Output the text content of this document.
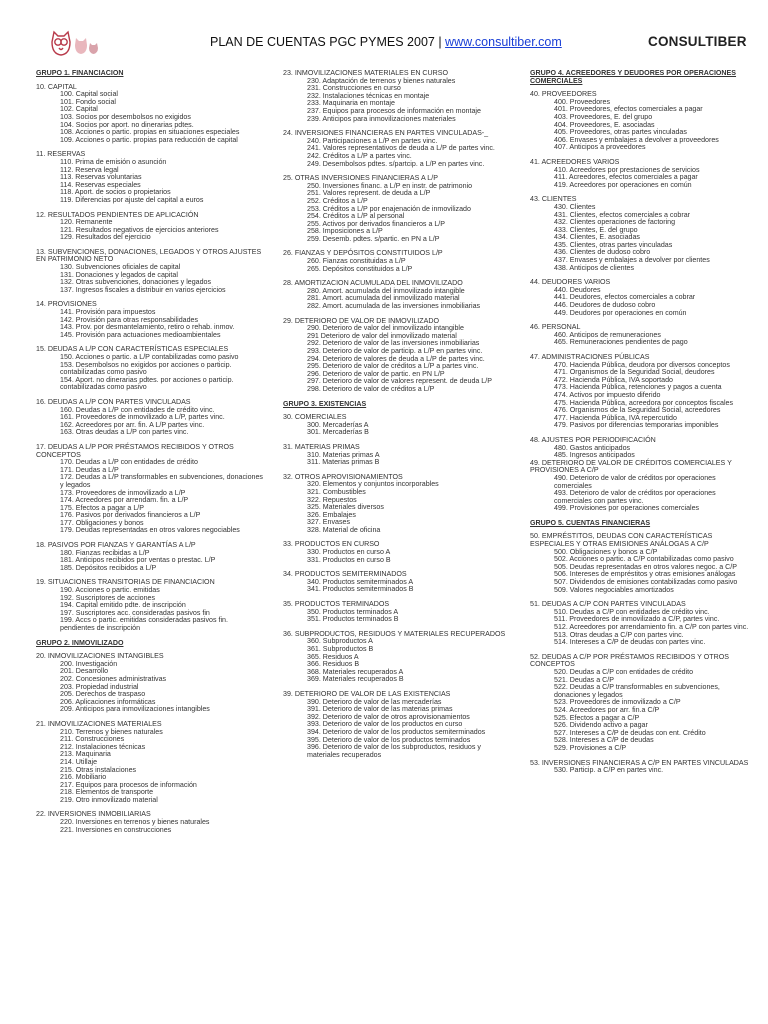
PLAN DE CUENTAS PGC PYMES 2007 | www.consultiber.com	CONSULTIBER
GRUPO 1. FINANCIACION
10. CAPITAL
100. Capital social
101. Fondo social
102. Capital
103. Socios por desembolsos no exigidos
104. Socios por aport. no dinerarias pdtes.
108. Acciones o partic. propias en situaciones especiales
109. Acciones o partic. propias para reducción de capital
11. RESERVAS
110. Prima de emisión o asunción
112. Reserva legal
113. Reservas voluntarias
114. Reservas especiales
118. Aport. de socios o propietarios
119. Diferencias por ajuste del capital a euros
12. RESULTADOS PENDIENTES DE APLICACIÓN
120. Remanente
121. Resultados negativos de ejercicios anteriores
129. Resultados del ejercicio
13. SUBVENCIONES, DONACIONES, LEGADOS Y OTROS AJUSTES EN PATRIMONIO NETO
130. Subvenciones oficiales de capital
131. Donaciones y legados de capital
132. Otras subvenciones, donaciones y legados
137. Ingresos fiscales a distribuir en varios ejercicios
14. PROVISIONES
141. Provisión para impuestos
142. Provisión para otras responsabilidades
143. Prov. por desmantelamiento, retiro o rehab. inmov.
145. Provisión para actuaciones medioambientales
15. DEUDAS A L/P CON CARACTERÍSTICAS ESPECIALES
150. Acciones o partic. a L/P contabilizadas como pasivo
153. Desembolsos no exigidos por acciones o particip. contabilizadas como pasivo
154. Aport. no dinerarias pdtes. por acciones o particip. contabilizadas como pasivo
16. DEUDAS A L/P CON PARTES VINCULADAS
160. Deudas a L/P con entidades de crédito vinc.
161. Proveedores de inmovilizado a L/P, partes vinc.
162. Acreedores por arr. fin. A L/P partes vinc.
163. Otras deudas a L/P con partes vinc.
17. DEUDAS A L/P POR PRÉSTAMOS RECIBIDOS Y OTROS CONCEPTOS
170. Deudas a L/P con entidades de crédito
171. Deudas a L/P
172. Deudas a L/P transformables en subvenciones, donaciones y legados
173. Proveedores de inmovilizado a L/P
174. Acreedores por arrendam. fin. a L/P
175. Efectos a pagar a L/P
176. Pasivos por derivados financieros a L/P
177. Obligaciones y bonos
179. Deudas representadas en otros valores negociables
18. PASIVOS POR FIANZAS Y GARANTÍAS A L/P
180. Fianzas recibidas a L/P
181. Anticipos recibidos por ventas o prestac. L/P
185. Depósitos recibidos a L/P
19. SITUACIONES TRANSITORIAS DE FINANCIACION
190. Acciones o partic. emitidas
192. Suscriptores de acciones
194. Capital emitido pdte. de inscripción
197. Suscriptores acc. consideradas pasivos fin
199. Accs o partic. emitidas consideradas pasivos fin. pendientes de inscripción
GRUPO 2. INMOVILIZADO
20. INMOVILIZACIONES INTANGIBLES
200. Investigación
201. Desarrollo
202. Concesiones administrativas
203. Propiedad industrial
205. Derechos de traspaso
206. Aplicaciones informáticas
209. Anticipos para inmovilizaciones intangibles
21. INMOVILIZACIONES MATERIALES
210. Terrenos y bienes naturales
211. Construcciones
212. Instalaciones técnicas
213. Maquinaria
214. Utillaje
215. Otras instalaciones
216. Mobiliario
217. Equipos para procesos de información
218. Elementos de transporte
219. Otro inmovilizado material
22. INVERSIONES INMOBILIARIAS
220. Inversiones en terrenos y bienes naturales
221. Inversiones en construcciones
23. INMOVILIZACIONES MATERIALES EN CURSO
230. Adaptación de terrenos y bienes naturales
231. Construcciones en curso
232. Instalaciones técnicas en montaje
233. Maquinaria en montaje
237. Equipos para procesos de información en montaje
239. Anticipos para inmovilizaciones materiales
24. INVERSIONES FINANCIERAS EN PARTES VINCULADAS-_
240. Participaciones a L/P en partes vinc.
241. Valores representativos de deuda a L/P de partes vinc.
242. Créditos a L/P a partes vinc.
249. Desembolsos pdtes. s/partcip. a L/P en partes vinc.
25. OTRAS INVERSIONES FINANCIERAS A L/P
250. Inversiones financ. a L/P en instr. de patrimonio
251. Valores represent. de deuda a L/P
252. Créditos a L/P
253. Créditos a L/P por enajenación de inmovilizado
254. Créditos a L/P al personal
255. Activos por derivados financieros a L/P
258. Imposiciones a L/P
259. Desemb. pdtes. s/partic. en PN a L/P
26. FIANZAS Y DEPÓSITOS CONSTITUIDOS L/P
260. Fianzas constituidas a L/P
265. Depósitos constituidos a L/P
28. AMORTIZACION ACUMULADA DEL INMOVILIZADO
280. Amort. acumulada del inmovilizado intangible
281. Amort. acumulada del inmovilizado material
282. Amort. acumulada de las inversiones inmobiliarias
29. DETERIORO DE VALOR DE INMOVILIZADO
290. Deterioro de valor del inmovilizado intangible
291 Deterioro de valor del inmovilizado material
292. Deterioro de valor de las inversiones inmobiliarias
293. Deterioro de valor de particip. a L/P en partes vinc.
294. Deterioro de valores de deuda a L/P de partes vinc.
295. Deterioro de valor de créditos a L/P a partes vinc.
296. Deterioro de valor de partic. en PN L/P
297. Deterioro de valor de valores represent. de deuda L/P
298. Deterioro de valor de créditos a L/P
GRUPO 3. EXISTENCIAS
30. COMERCIALES
300. Mercaderías A
301. Mercaderías B
31. MATERIAS PRIMAS
310. Materias primas A
311. Materias primas B
32. OTROS APROVISIONAMIENTOS
320. Elementos y conjuntos incorporables
321. Combustibles
322. Repuestos
325. Materiales diversos
326. Embalajes
327. Envases
328. Material de oficina
33. PRODUCTOS EN CURSO
330. Productos en curso A
331. Productos en curso B
34. PRODUCTOS SEMITERMINADOS
340. Productos semiterminados A
341. Productos semiterminados B
35. PRODUCTOS TERMINADOS
350. Productos terminados A
351. Productos terminados B
36. SUBPRODUCTOS, RESIDUOS Y MATERIALES RECUPERADOS
360. Subproductos A
361. Subproductos B
365. Residuos A
366. Residuos B
368. Materiales recuperados A
369. Materiales recuperados B
39. DETERIORO DE VALOR DE LAS EXISTENCIAS
390. Deterioro de valor de las mercaderías
391. Deterioro de valor de las materias primas
392. Deterioro de valor de otros aprovisionamientos
393. Deterioro de valor de los productos en curso
394. Deterioro de valor de los productos semiterminados
395. Deterioro de valor de los productos terminados
396. Deterioro de valor de los subproductos, residuos y materiales recuperados
GRUPO 4. ACREEDORES Y DEUDORES POR OPERACIONES COMERCIALES
40. PROVEEDORES
400. Proveedores
401. Proveedores, efectos comerciales a pagar
403. Proveedores, E. del grupo
404. Proveedores, E. asociadas
405. Proveedores, otras partes vinculadas
406. Envases y embalajes a devolver a proveedores
407. Anticipos a proveedores
41. ACREEDORES VARIOS
410. Acreedores por prestaciones de servicios
411. Acreedores, efectos comerciales a pagar
419. Acreedores por operaciones en común
43. CLIENTES
430. Clientes
431. Clientes, efectos comerciales a cobrar
432. Clientes operaciones de factoring
433. Clientes, E. del grupo
434. Clientes, E. asociadas
435. Clientes, otras partes vinculadas
436. Clientes de dudoso cobro
437. Envases y embalajes a devolver por clientes
438. Anticipos de clientes
44. DEUDORES VARIOS
440. Deudores
441. Deudores, efectos comerciales a cobrar
446. Deudores de dudoso cobro
449. Deudores por operaciones en común
46. PERSONAL
460. Anticipos de remuneraciones
465. Remuneraciones pendientes de pago
47. ADMINISTRACIONES PÚBLICAS
470. Hacienda Pública, deudora por diversos conceptos
471. Organismos de la Seguridad Social, deudores
472. Hacienda Pública, IVA soportado
473. Hacienda Pública, retenciones y pagos a cuenta
474. Activos por impuesto diferido
475. Hacienda Pública, acreedora por conceptos fiscales
476. Organismos de la Seguridad Social, acreedores
477. Hacienda Pública, IVA repercutido
479. Pasivos por diferencias temporarias imponibles
48. AJUSTES POR PERIODIFICACIÓN
480. Gastos anticipados
485. Ingresos anticipados
49. DETERIORO DE VALOR DE CRÉDITOS COMERCIALES Y PROVISIONES A C/P
490. Deterioro de valor de créditos por operaciones comerciales
493. Deterioro de valor de créditos por operaciones comerciales con partes vinc.
499. Provisiones por operaciones comerciales
GRUPO 5. CUENTAS FINANCIERAS
50. EMPRÉSTITOS, DEUDAS CON CARACTERÍSTICAS ESPECIALES Y OTRAS EMISIONES ANÁLOGAS A C/P
500. Obligaciones y bonos a C/P
502. Acciones o partic. a C/P contabilizadas como pasivo
505. Deudas representadas en otros valores negoc. a C/P
506. Intereses de empréstitos y otras emisiones análogas
507. Dividendos de emisiones contabilizadas como pasivo
509. Valores negociables amortizados
51. DEUDAS A C/P CON PARTES VINCULADAS
510. Deudas a C/P con entidades de crédito vinc.
511. Proveedores de inmovilizado a C/P, partes vinc.
512. Acreedores por arrendamiento fin. a C/P con partes vinc.
513. Otras deudas a C/P con partes vinc.
514. Intereses a C/P de deudas con partes vinc.
52. DEUDAS A C/P POR PRÉSTAMOS RECIBIDOS Y OTROS CONCEPTOS
520. Deudas a C/P con entidades de crédito
521. Deudas a C/P
522. Deudas a C/P transformables en subvenciones, donaciones y legados
523. Proveedores de inmovilizado a C/P
524. Acreedores por arr. fin.a C/P
525. Efectos a pagar a C/P
526. Dividendo activo a pagar
527. Intereses a C/P de deudas con ent. Crédito
528. Intereses a C/P de deudas
529. Provisiones a C/P
53. INVERSIONES FINANCIERAS A C/P EN PARTES VINCULADAS
530. Particip. a C/P en partes vinc.
